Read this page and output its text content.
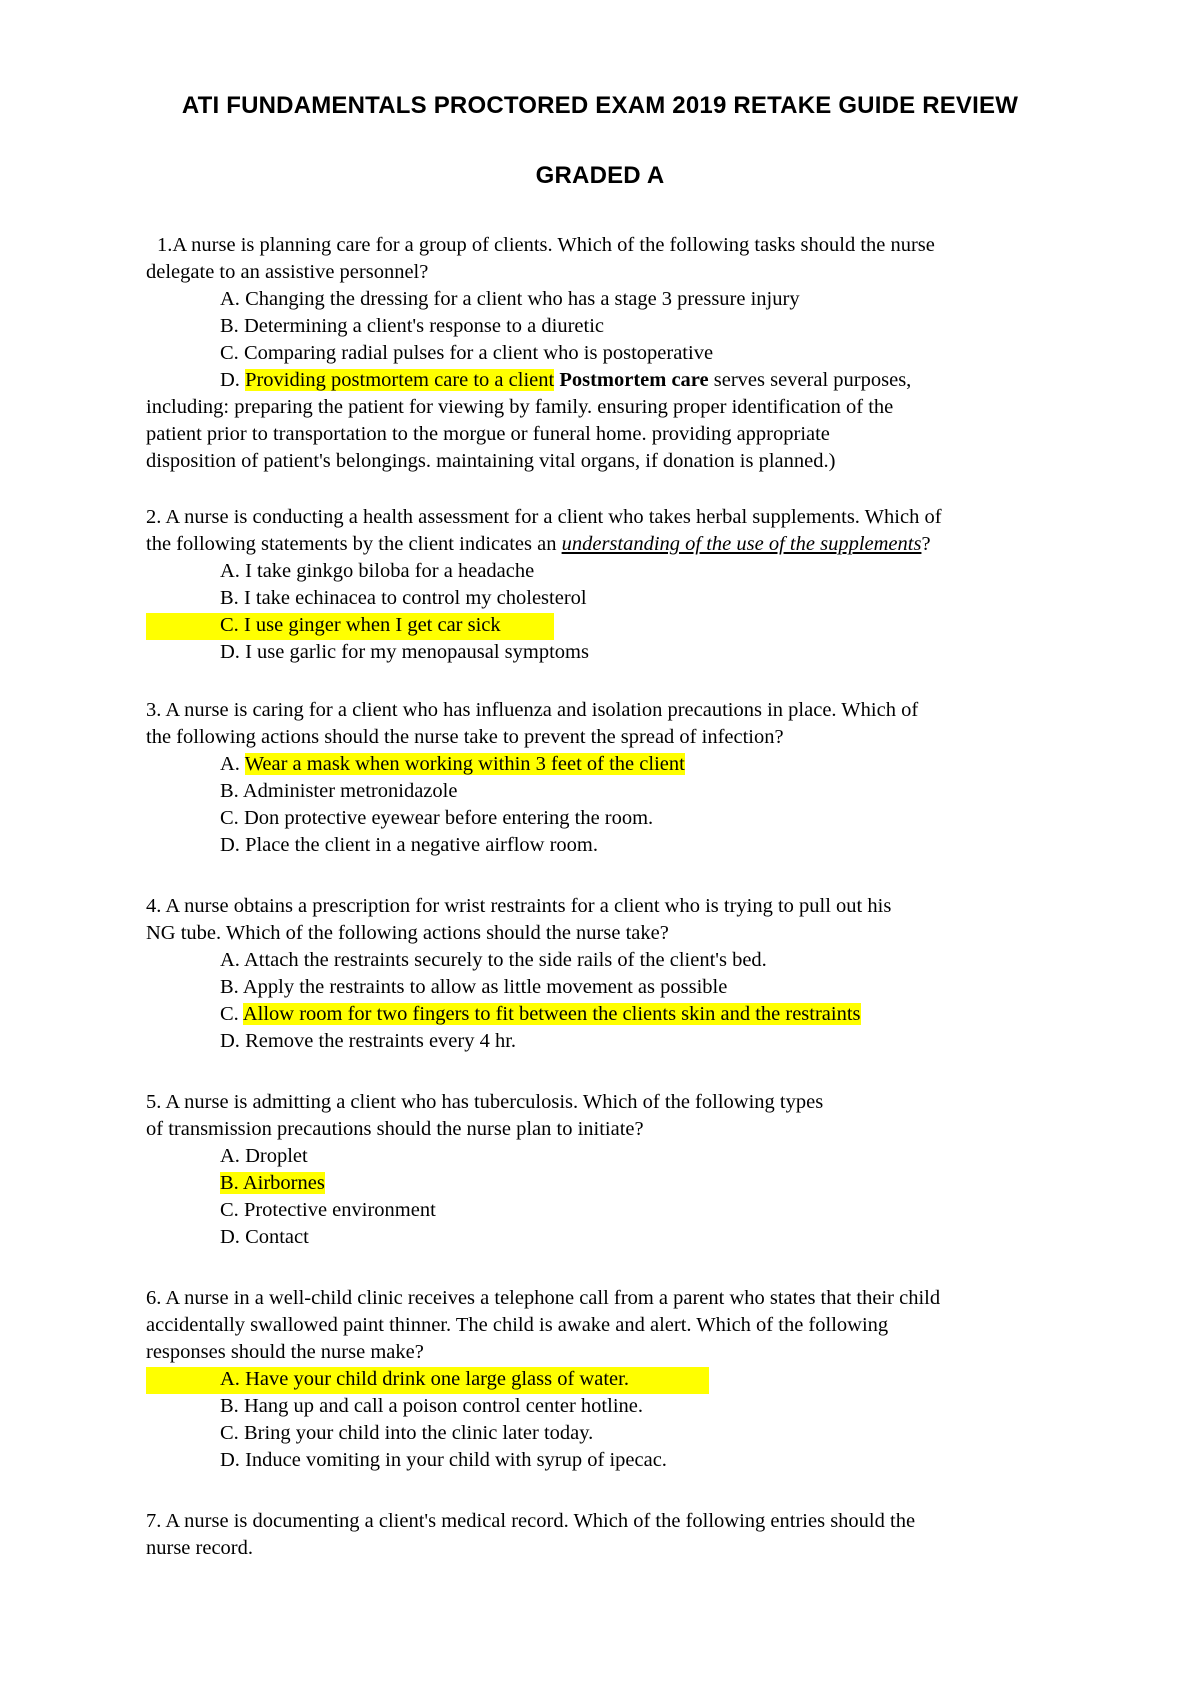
ATI FUNDAMENTALS PROCTORED EXAM 2019 RETAKE GUIDE REVIEW
GRADED A
1.A nurse is planning care for a group of clients. Which of the following tasks should the nurse
delegate to an assistive personnel?
A. Changing the dressing for a client who has a stage 3 pressure injury
B. Determining a client's response to a diuretic
C. Comparing radial pulses for a client who is postoperative
D. Providing postmortem care to a client Postmortem care serves several purposes,
including: preparing the patient for viewing by family. ensuring proper identification of the
patient prior to transportation to the morgue or funeral home. providing appropriate
disposition of patient's belongings. maintaining vital organs, if donation is planned.)
2. A nurse is conducting a health assessment for a client who takes herbal supplements. Which of
the following statements by the client indicates an understanding of the use of the supplements?
A. I take ginkgo biloba for a headache
B. I take echinacea to control my cholesterol
C. I use ginger when I get car sick
D. I use garlic for my menopausal symptoms
3. A nurse is caring for a client who has influenza and isolation precautions in place. Which of
the following actions should the nurse take to prevent the spread of infection?
A. Wear a mask when working within 3 feet of the client
B. Administer metronidazole
C. Don protective eyewear before entering the room.
D. Place the client in a negative airflow room.
4. A nurse obtains a prescription for wrist restraints for a client who is trying to pull out his
NG tube. Which of the following actions should the nurse take?
A. Attach the restraints securely to the side rails of the client's bed.
B. Apply the restraints to allow as little movement as possible
C. Allow room for two fingers to fit between the clients skin and the restraints
D. Remove the restraints every 4 hr.
5. A nurse is admitting a client who has tuberculosis. Which of the following types
of transmission precautions should the nurse plan to initiate?
A. Droplet
B. Airbornes
C. Protective environment
D. Contact
6. A nurse in a well-child clinic receives a telephone call from a parent who states that their child
accidentally swallowed paint thinner. The child is awake and alert. Which of the following
responses should the nurse make?
A. Have your child drink one large glass of water.
B. Hang up and call a poison control center hotline.
C. Bring your child into the clinic later today.
D. Induce vomiting in your child with syrup of ipecac.
7. A nurse is documenting a client's medical record. Which of the following entries should the
nurse record.
